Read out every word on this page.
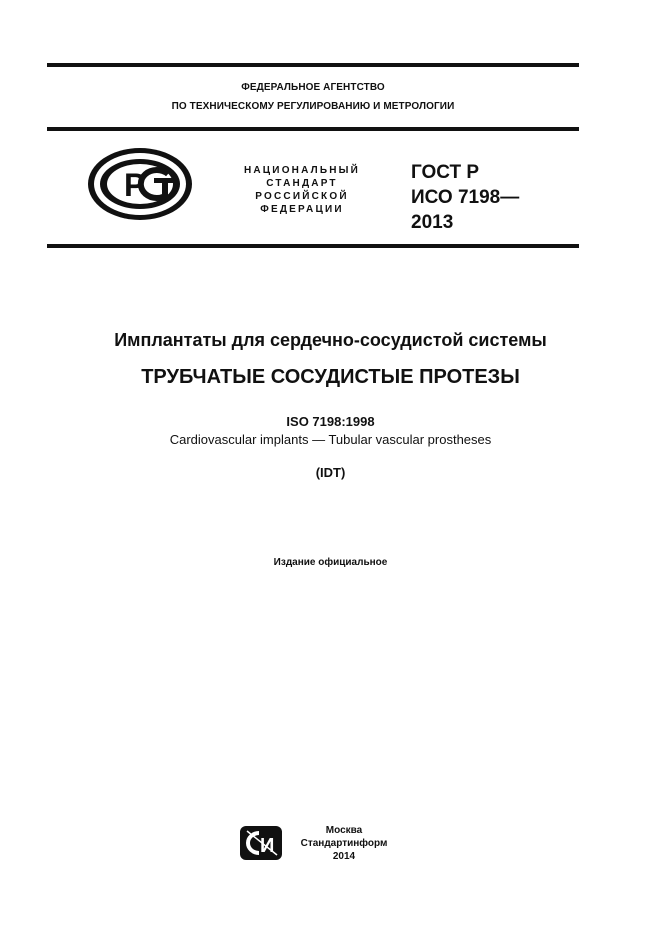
ФЕДЕРАЛЬНОЕ АГЕНТСТВО
ПО ТЕХНИЧЕСКОМУ РЕГУЛИРОВАНИЮ И МЕТРОЛОГИИ
Р	НАЦИОНАЛЬНЫЙ
СТАНДАРТ
РОССИЙСКОЙ
ФЕДЕРАЦИИ
ГОСТ Р
ИСО 7198—
2013
Имплантаты для сердечно-сосудистой системы
ТРУБЧАТЫЕ СОСУДИСТЫЕ ПРОТЕЗЫ
ISO 7198:1998
Cardiovascular implants — Tubular vascular prostheses
(IDT)
Издание официальное
И
Москва
Стандартинформ
2014
